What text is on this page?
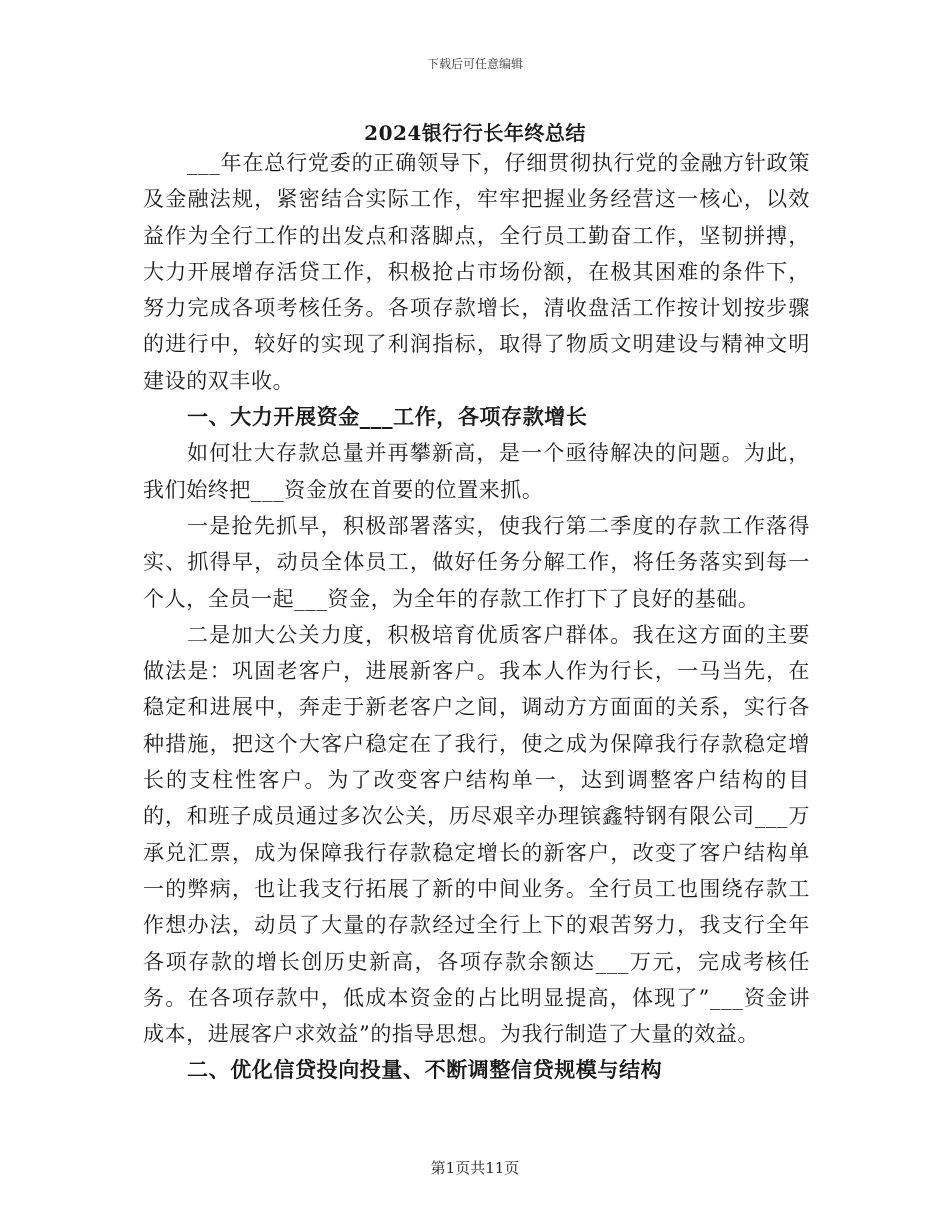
下载后可任意编辑
2024银行行长年终总结

___年在总行党委的正确领导下，仔细贯彻执行党的金融方针政策及金融法规，紧密结合实际工作，牢牢把握业务经营这一核心，以效益作为全行工作的出发点和落脚点，全行员工勤奋工作，坚韧拼搏，大力开展增存活贷工作，积极抢占市场份额，在极其困难的条件下，努力完成各项考核任务。各项存款增长，清收盘活工作按计划按步骤的进行中，较好的实现了利润指标，取得了物质文明建设与精神文明建设的双丰收。

一、大力开展资金___工作，各项存款增长

如何壮大存款总量并再攀新高，是一个亟待解决的问题。为此，我们始终把___资金放在首要的位置来抓。

一是抢先抓早，积极部署落实，使我行第二季度的存款工作落得实、抓得早，动员全体员工，做好任务分解工作，将任务落实到每一个人，全员一起___资金，为全年的存款工作打下了良好的基础。

二是加大公关力度，积极培育优质客户群体。我在这方面的主要做法是：巩固老客户，进展新客户。我本人作为行长，一马当先，在稳定和进展中，奔走于新老客户之间，调动方方面面的关系，实行各种措施，把这个大客户稳定在了我行，使之成为保障我行存款稳定增长的支柱性客户。为了改变客户结构单一，达到调整客户结构的目的，和班子成员通过多次公关，历尽艰辛办理镔鑫特钢有限公司___万承兑汇票，成为保障我行存款稳定增长的新客户，改变了客户结构单一的弊病，也让我支行拓展了新的中间业务。全行员工也围绕存款工作想办法，动员了大量的存款经过全行上下的艰苦努力，我支行全年各项存款的增长创历史新高，各项存款余额达___万元，完成考核任务。在各项存款中，低成本资金的占比明显提高，体现了”___资金讲成本，进展客户求效益”的指导思想。为我行制造了大量的效益。

二、优化信贷投向投量、不断调整信贷规模与结构

第1页共11页
